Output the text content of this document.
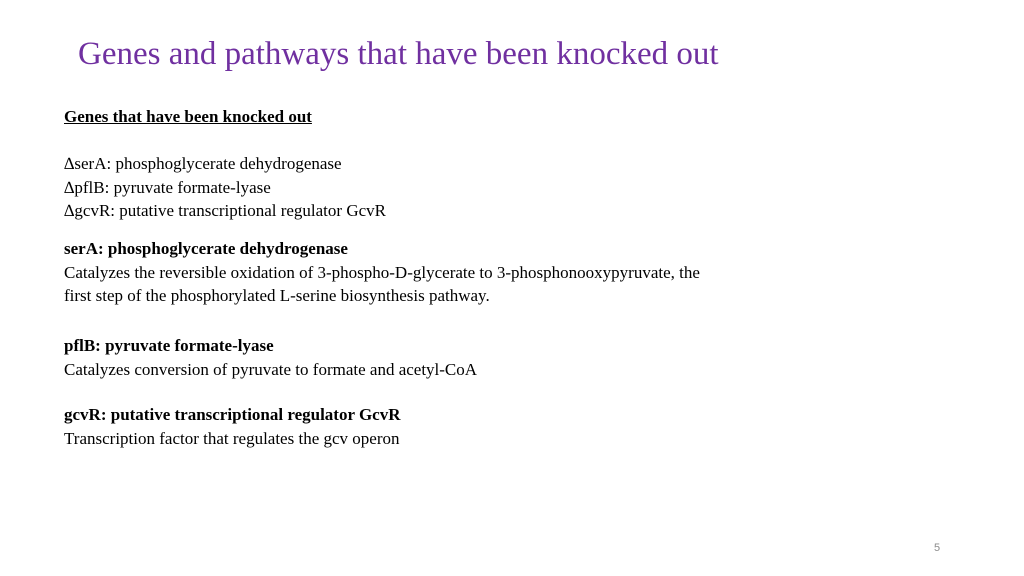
Genes and pathways that have been knocked out
Genes that have been knocked out
∆serA: phosphoglycerate dehydrogenase
∆pflB: pyruvate formate-lyase
∆gcvR: putative transcriptional regulator GcvR
serA: phosphoglycerate dehydrogenase
Catalyzes the reversible oxidation of 3-phospho-D-glycerate to 3-phosphonooxypyruvate, the
first step of the phosphorylated L-serine biosynthesis pathway.
pflB: pyruvate formate-lyase
Catalyzes conversion of pyruvate to formate and acetyl-CoA
gcvR: putative transcriptional regulator GcvR
Transcription factor that regulates the gcv operon
5
